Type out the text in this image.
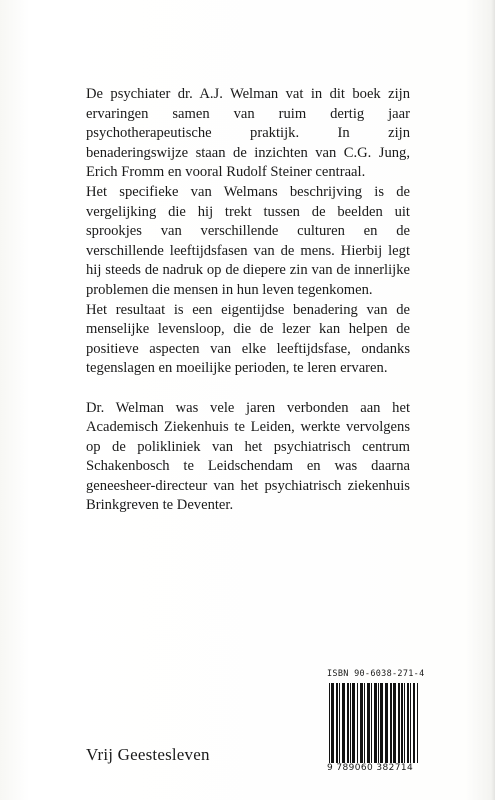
De psychiater dr. A.J. Welman vat in dit boek zijn ervaringen samen van ruim dertig jaar psychotherapeutische praktijk. In zijn benaderingswijze staan de inzichten van C.G. Jung, Erich Fromm en vooral Rudolf Steiner centraal.

Het specifieke van Welmans beschrijving is de vergelijking die hij trekt tussen de beelden uit sprookjes van verschillende culturen en de verschillende leeftijdsfasen van de mens. Hierbij legt hij steeds de nadruk op de diepere zin van de innerlijke problemen die mensen in hun leven tegenkomen.

Het resultaat is een eigentijdse benadering van de menselijke levensloop, die de lezer kan helpen de positieve aspecten van elke leeftijdsfase, ondanks tegenslagen en moeilijke perioden, te leren ervaren.

Dr. Welman was vele jaren verbonden aan het Academisch Ziekenhuis te Leiden, werkte vervolgens op de polikliniek van het psychiatrisch centrum Schakenbosch te Leidschendam en was daarna geneesheer-directeur van het psychiatrisch ziekenhuis Brinkgreven te Deventer.

ISBN 90-6038-271-4
9 789060 382714
Vrij Geestesleven
